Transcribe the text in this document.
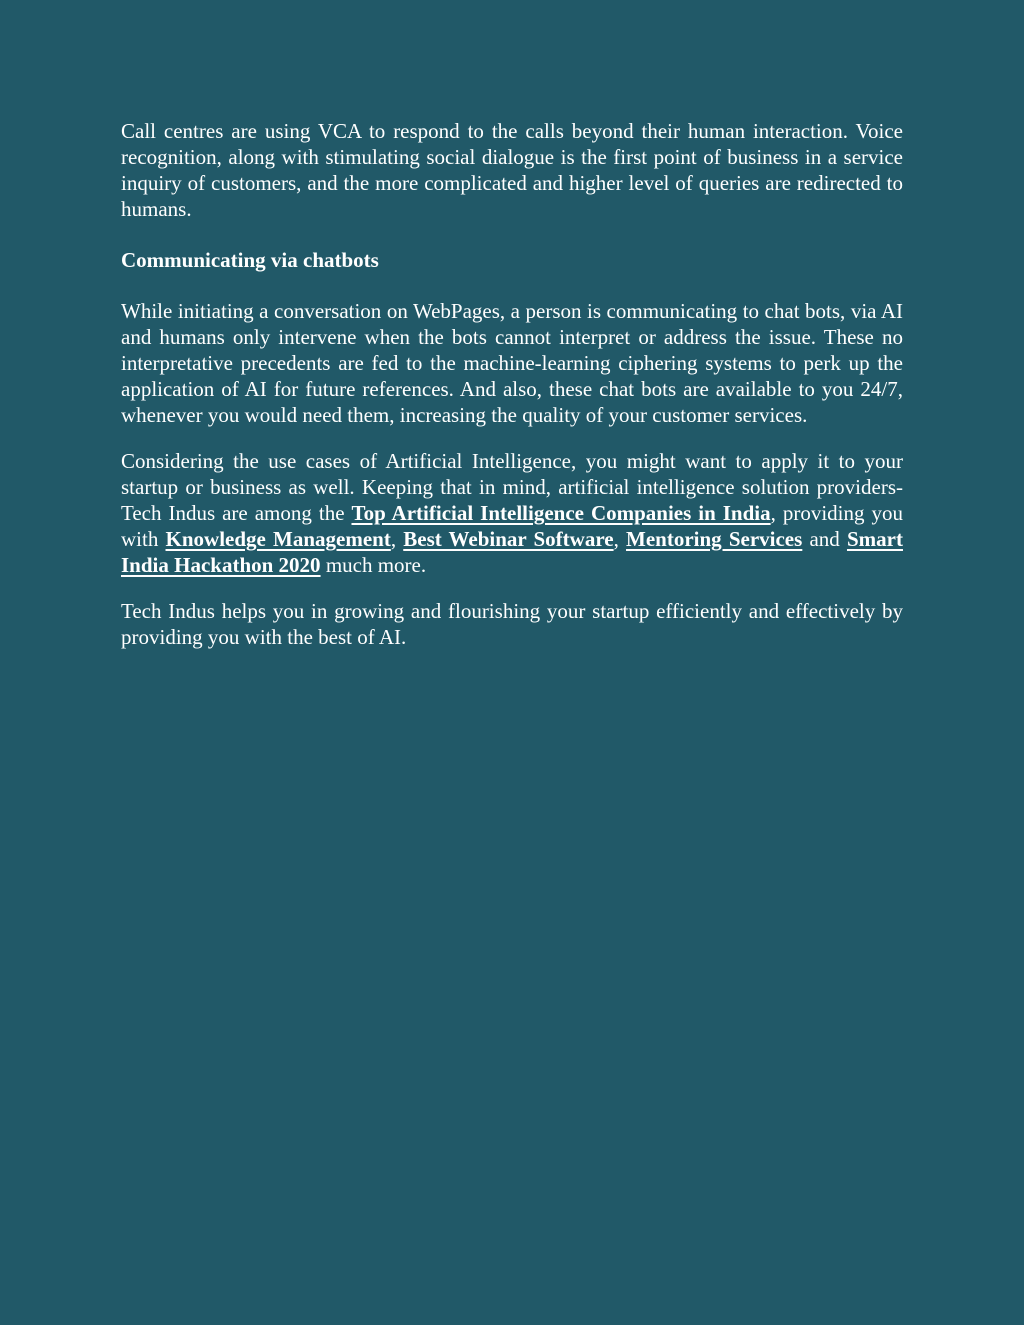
Call centres are using VCA to respond to the calls beyond their human interaction. Voice recognition, along with stimulating social dialogue is the first point of business in a service inquiry of customers, and the more complicated and higher level of queries are redirected to humans.

Communicating via chatbots

While initiating a conversation on WebPages, a person is communicating to chat bots, via AI and humans only intervene when the bots cannot interpret or address the issue. These no interpretative precedents are fed to the machine-learning ciphering systems to perk up the application of AI for future references. And also, these chat bots are available to you 24/7, whenever you would need them, increasing the quality of your customer services.

Considering the use cases of Artificial Intelligence, you might want to apply it to your startup or business as well. Keeping that in mind, artificial intelligence solution providers- Tech Indus are among the Top Artificial Intelligence Companies in India, providing you with Knowledge Management, Best Webinar Software, Mentoring Services and Smart India Hackathon 2020 much more.

Tech Indus helps you in growing and flourishing your startup efficiently and effectively by providing you with the best of AI.
